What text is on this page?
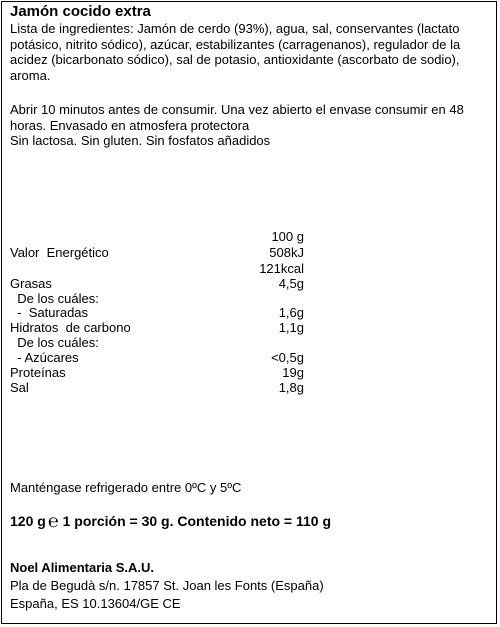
Jamón cocido extra
Lista de ingredientes: Jamón de cerdo (93%), agua, sal, conservantes (lactato potásico, nitrito sódico), azúcar, estabilizantes (carragenanos), regulador de la acidez (bicarbonato sódico), sal de potasio, antioxidante (ascorbato de sodio), aroma.
Abrir 10 minutos antes de consumir. Una vez abierto el envase consumir en 48 horas. Envasado en atmosfera protectora
Sin lactosa. Sin gluten. Sin fosfatos añadidos
100 g
Valor  Energético	508kJ
121kcal
Grasas	4,5g
De los cuáles:
-  Saturadas	1,6g
Hidratos  de carbono	1,1g
De los cuáles:
- Azúcares	<0,5g
Proteínas	19g
Sal	1,8g
Manténgase refrigerado entre 0ºC y 5ºC
120 g ℮ 1 porción = 30 g. Contenido neto = 110 g
Noel Alimentaria S.A.U.
Pla de Begudà s/n. 17857 St. Joan les Fonts (España)
España, ES 10.13604/GE CE
